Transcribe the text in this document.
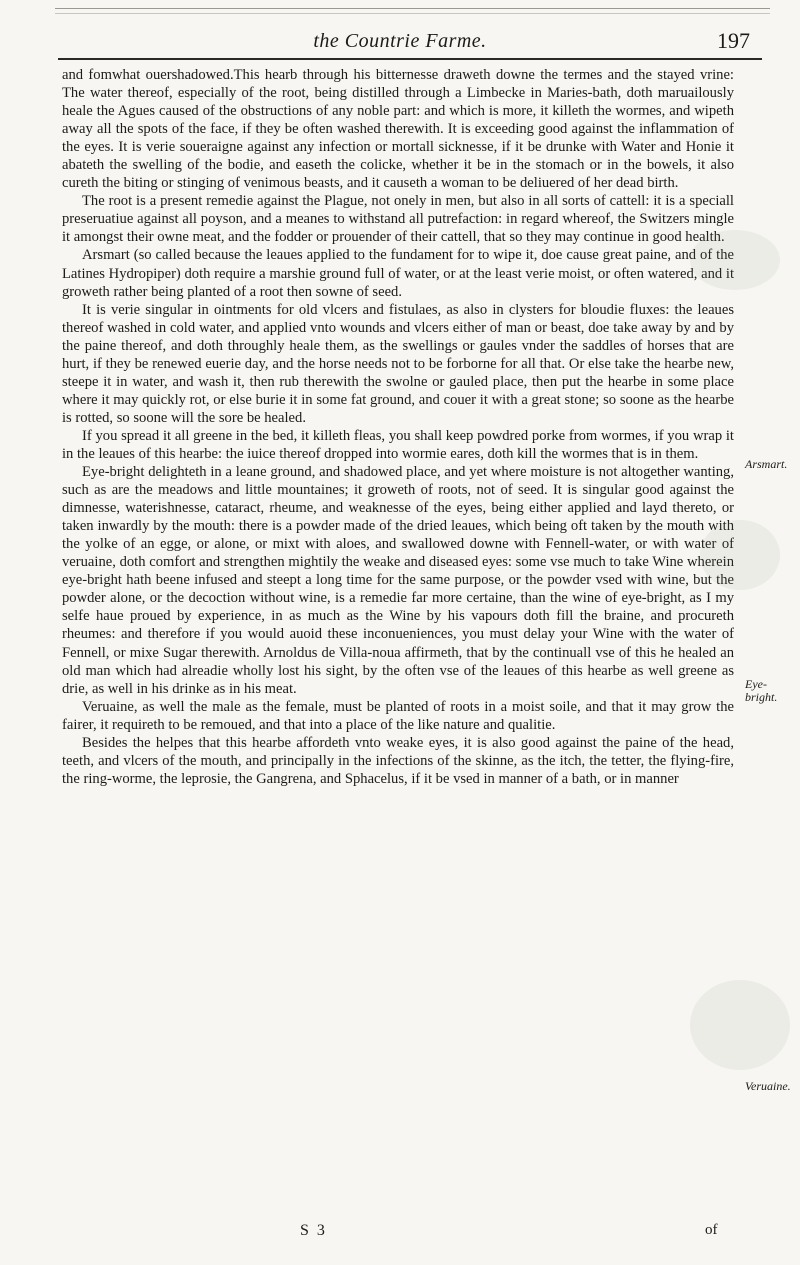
the Countrie Farme.	197

and fomwhat ouershadowed.This hearb through his bitternesse draweth downe the termes and the stayed vrine: The water thereof, especially of the root, being distilled through a Limbecke in Maries-bath, doth maruailously heale the Agues caused of the obstructions of any noble part: and which is more, it killeth the wormes, and wipeth away all the spots of the face, if they be often washed therewith. It is exceeding good against the inflammation of the eyes. It is verie soueraigne against any infection or mortall sicknesse, if it be drunke with Water and Honie it abateth the swelling of the bodie, and easeth the colicke, whether it be in the stomach or in the bowels, it also cureth the biting or stinging of venimous beasts, and it causeth a woman to be deliuered of her dead birth.

The root is a present remedie against the Plague, not onely in men, but also in all sorts of cattell: it is a speciall preseruatiue against all poyson, and a meanes to withstand all putrefaction: in regard whereof, the Switzers mingle it amongst their owne meat, and the fodder or prouender of their cattell, that so they may continue in good health.

Arsmart (so called because the leaues applied to the fundament for to wipe it, doe cause great paine, and of the Latines Hydropiper) doth require a marshie ground full of water, or at the least verie moist, or often watered, and it groweth rather being planted of a root then sowne of seed.

It is verie singular in ointments for old vlcers and fistulaes, as also in clysters for bloudie fluxes: the leaues thereof washed in cold water, and applied vnto wounds and vlcers either of man or beast, doe take away by and by the paine thereof, and doth throughly heale them, as the swellings or gaules vnder the saddles of horses that are hurt, if they be renewed euerie day, and the horse needs not to be forborne for all that. Or else take the hearbe new, steepe it in water, and wash it, then rub therewith the swolne or gauled place, then put the hearbe in some place where it may quickly rot, or else burie it in some fat ground, and couer it with a great stone; so soone as the hearbe is rotted, so soone will the sore be healed.

If you spread it all greene in the bed, it killeth fleas, you shall keep powdred porke from wormes, if you wrap it in the leaues of this hearbe: the iuice thereof dropped into wormie eares, doth kill the wormes that is in them.

Eye-bright delighteth in a leane ground, and shadowed place, and yet where moisture is not altogether wanting, such as are the meadows and little mountaines; it groweth of roots, not of seed. It is singular good against the dimnesse, waterishnesse, cataract, rheume, and weaknesse of the eyes, being either applied and layd thereto, or taken inwardly by the mouth: there is a powder made of the dried leaues, which being oft taken by the mouth with the yolke of an egge, or alone, or mixt with aloes, and swallowed downe with Fennell-water, or with water of veruaine, doth comfort and strengthen mightily the weake and diseased eyes: some vse much to take Wine wherein eye-bright hath beene infused and steept a long time for the same purpose, or the powder vsed with wine, but the powder alone, or the decoction without wine, is a remedie far more certaine, than the wine of eye-bright, as I my selfe haue proued by experience, in as much as the Wine by his vapours doth fill the braine, and procureth rheumes: and therefore if you would auoid these inconueniences, you must delay your Wine with the water of Fennell, or mixe Sugar therewith. Arnoldus de Villa-noua affirmeth, that by the continuall vse of this he healed an old man which had alreadie wholly lost his sight, by the often vse of the leaues of this hearbe as well greene as drie, as well in his drinke as in his meat.

Veruaine, as well the male as the female, must be planted of roots in a moist soile, and that it may grow the fairer, it requireth to be remoued, and that into a place of the like nature and qualitie.

Besides the helpes that this hearbe affordeth vnto weake eyes, it is also good against the paine of the head, teeth, and vlcers of the mouth, and principally in the infections of the skinne, as the itch, the tetter, the flying-fire, the ring-worme, the leprosie, the Gangrena, and Sphacelus, if it be vsed in manner of a bath, or in manner

Arsmart.
Eye-bright.
Veruaine.
S 3	of
